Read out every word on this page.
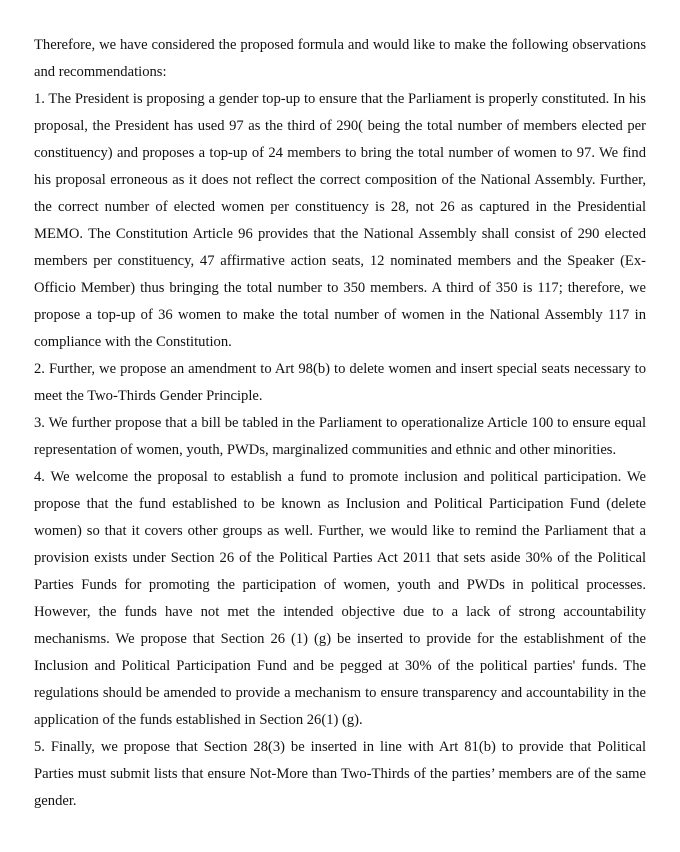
Therefore, we have considered the proposed formula and would like to make the following observations and recommendations:

1. The President is proposing a gender top-up to ensure that the Parliament is properly constituted. In his proposal, the President has used 97 as the third of 290( being the total number of members elected per constituency) and proposes a top-up of 24 members to bring the total number of women to 97. We find his proposal erroneous as it does not reflect the correct composition of the National Assembly. Further, the correct number of elected women per constituency is 28, not 26 as captured in the Presidential MEMO. The Constitution Article 96 provides that the National Assembly shall consist of 290 elected members per constituency, 47 affirmative action seats, 12 nominated members and the Speaker (Ex-Officio Member) thus bringing the total number to 350 members. A third of 350 is 117; therefore, we propose a top-up of 36 women to make the total number of women in the National Assembly 117 in compliance with the Constitution.

2. Further, we propose an amendment to Art 98(b) to delete women and insert special seats necessary to meet the Two-Thirds Gender Principle.

3. We further propose that a bill be tabled in the Parliament to operationalize Article 100 to ensure equal representation of women, youth, PWDs, marginalized communities and ethnic and other minorities.

4. We welcome the proposal to establish a fund to promote inclusion and political participation. We propose that the fund established to be known as Inclusion and Political Participation Fund (delete women) so that it covers other groups as well. Further, we would like to remind the Parliament that a provision exists under Section 26 of the Political Parties Act 2011 that sets aside 30% of the Political Parties Funds for promoting the participation of women, youth and PWDs in political processes. However, the funds have not met the intended objective due to a lack of strong accountability mechanisms. We propose that Section 26 (1) (g) be inserted to provide for the establishment of the Inclusion and Political Participation Fund and be pegged at 30% of the political parties' funds. The regulations should be amended to provide a mechanism to ensure transparency and accountability in the application of the funds established in Section 26(1) (g).

5. Finally, we propose that Section 28(3) be inserted in line with Art 81(b) to provide that Political Parties must submit lists that ensure Not-More than Two-Thirds of the parties’ members are of the same gender.
